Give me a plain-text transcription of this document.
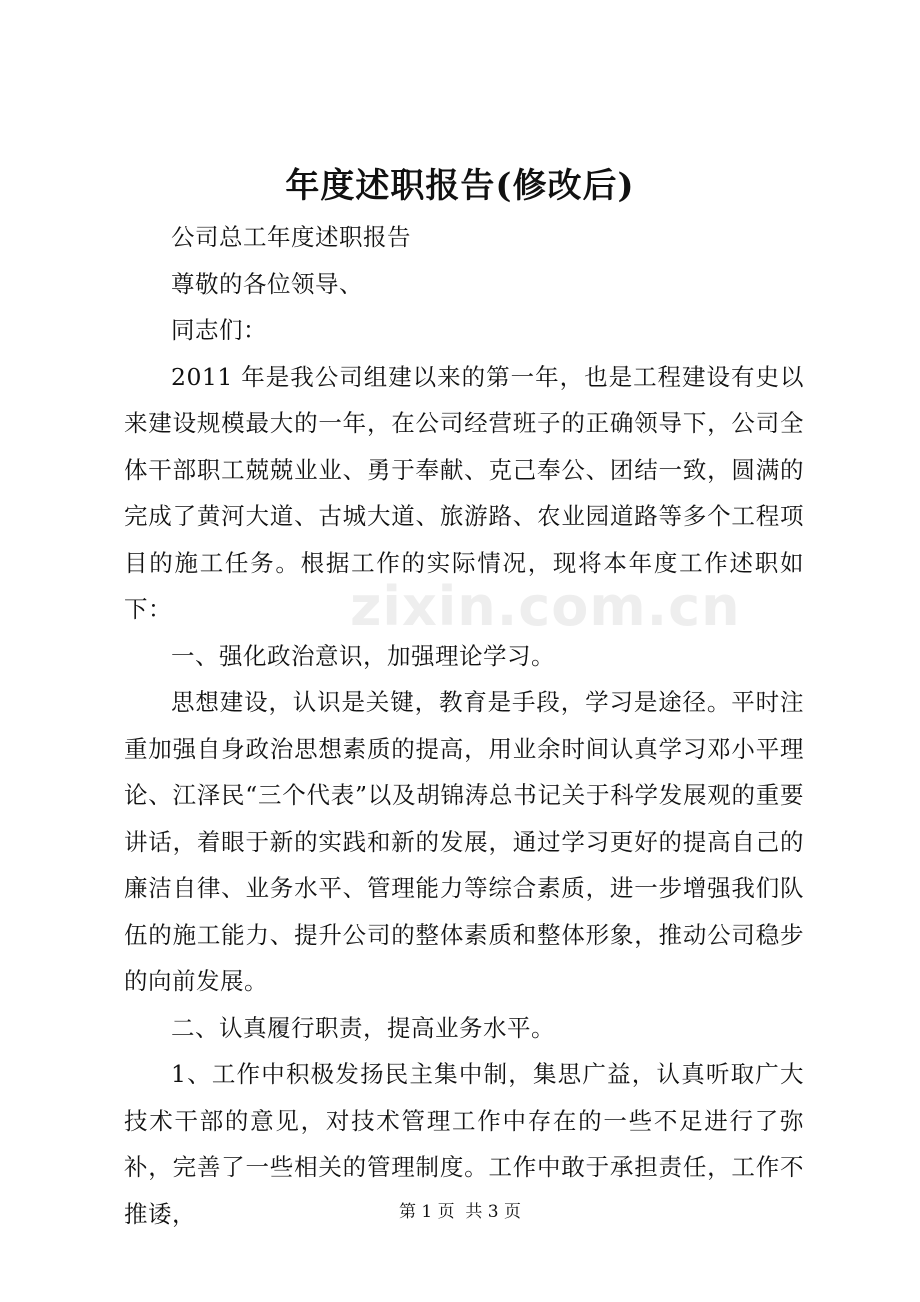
zixin.com.cn
年度述职报告(修改后)

公司总工年度述职报告

尊敬的各位领导、

同志们：

2011 年是我公司组建以来的第一年，也是工程建设有史以来建设规模最大的一年，在公司经营班子的正确领导下，公司全体干部职工兢兢业业、勇于奉献、克己奉公、团结一致，圆满的完成了黄河大道、古城大道、旅游路、农业园道路等多个工程项目的施工任务。根据工作的实际情况，现将本年度工作述职如下：

一、强化政治意识，加强理论学习。

思想建设，认识是关键，教育是手段，学习是途径。平时注重加强自身政治思想素质的提高，用业余时间认真学习邓小平理论、江泽民“三个代表”以及胡锦涛总书记关于科学发展观的重要讲话，着眼于新的实践和新的发展，通过学习更好的提高自己的廉洁自律、业务水平、管理能力等综合素质，进一步增强我们队伍的施工能力、提升公司的整体素质和整体形象，推动公司稳步的向前发展。

二、认真履行职责，提高业务水平。

1、工作中积极发扬民主集中制，集思广益，认真听取广大技术干部的意见，对技术管理工作中存在的一些不足进行了弥补，完善了一些相关的管理制度。工作中敢于承担责任，工作不推诿，	第 1 页  共 3 页
